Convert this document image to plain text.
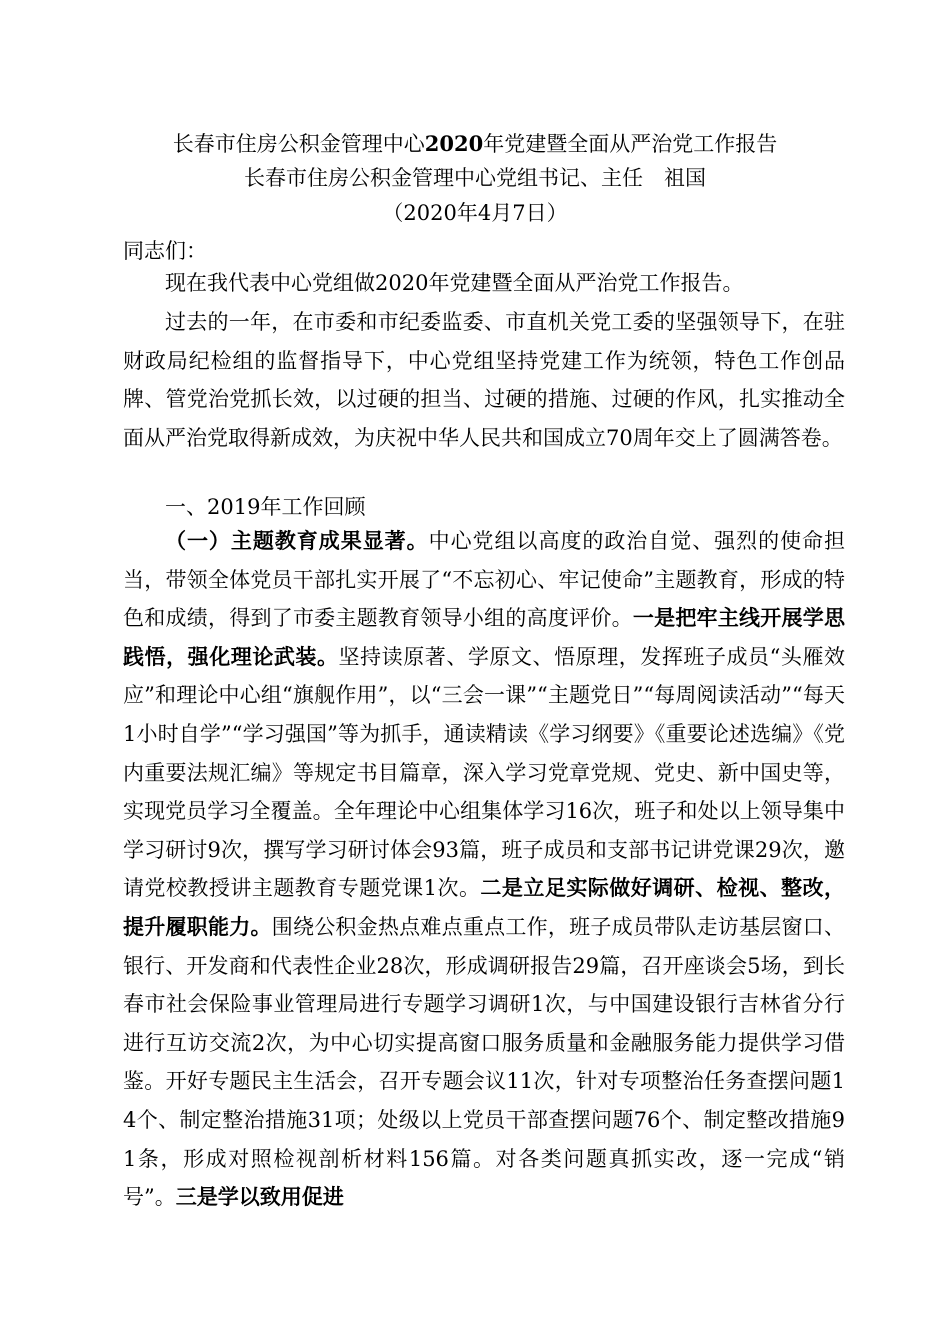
长春市住房公积金管理中心2020年党建暨全面从严治党工作报告
长春市住房公积金管理中心党组书记、主任　祖国
（2020年4月7日）
同志们：
现在我代表中心党组做2020年党建暨全面从严治党工作报告。
过去的一年，在市委和市纪委监委、市直机关党工委的坚强领导下，在驻财政局纪检组的监督指导下，中心党组坚持党建工作为统领，特色工作创品牌、管党治党抓长效，以过硬的担当、过硬的措施、过硬的作风，扎实推动全面从严治党取得新成效，为庆祝中华人民共和国成立70周年交上了圆满答卷。
一、2019年工作回顾
（一）主题教育成果显著。中心党组以高度的政治自觉、强烈的使命担当，带领全体党员干部扎实开展了“不忘初心、牢记使命”主题教育，形成的特色和成绩，得到了市委主题教育领导小组的高度评价。一是把牢主线开展学思践悟，强化理论武装。坚持读原著、学原文、悟原理，发挥班子成员“头雁效应”和理论中心组“旗舰作用”，以“三会一课”“主题党日”“每周阅读活动”“每天1小时自学”“学习强国”等为抓手，通读精读《学习纲要》《重要论述选编》《党内重要法规汇编》等规定书目篇章，深入学习党章党规、党史、新中国史等，实现党员学习全覆盖。全年理论中心组集体学习16次，班子和处以上领导集中学习研讨9次，撰写学习研讨体会93篇，班子成员和支部书记讲党课29次，邀请党校教授讲主题教育专题党课1次。二是立足实际做好调研、检视、整改，提升履职能力。围绕公积金热点难点重点工作，班子成员带队走访基层窗口、银行、开发商和代表性企业28次，形成调研报告29篇，召开座谈会5场，到长春市社会保险事业管理局进行专题学习调研1次，与中国建设银行吉林省分行进行互访交流2次，为中心切实提高窗口服务质量和金融服务能力提供学习借鉴。开好专题民主生活会，召开专题会议11次，针对专项整治任务查摆问题14个、制定整治措施31项；处级以上党员干部查摆问题76个、制定整改措施91条，形成对照检视剖析材料156篇。对各类问题真抓实改，逐一完成“销号”。三是学以致用促进
